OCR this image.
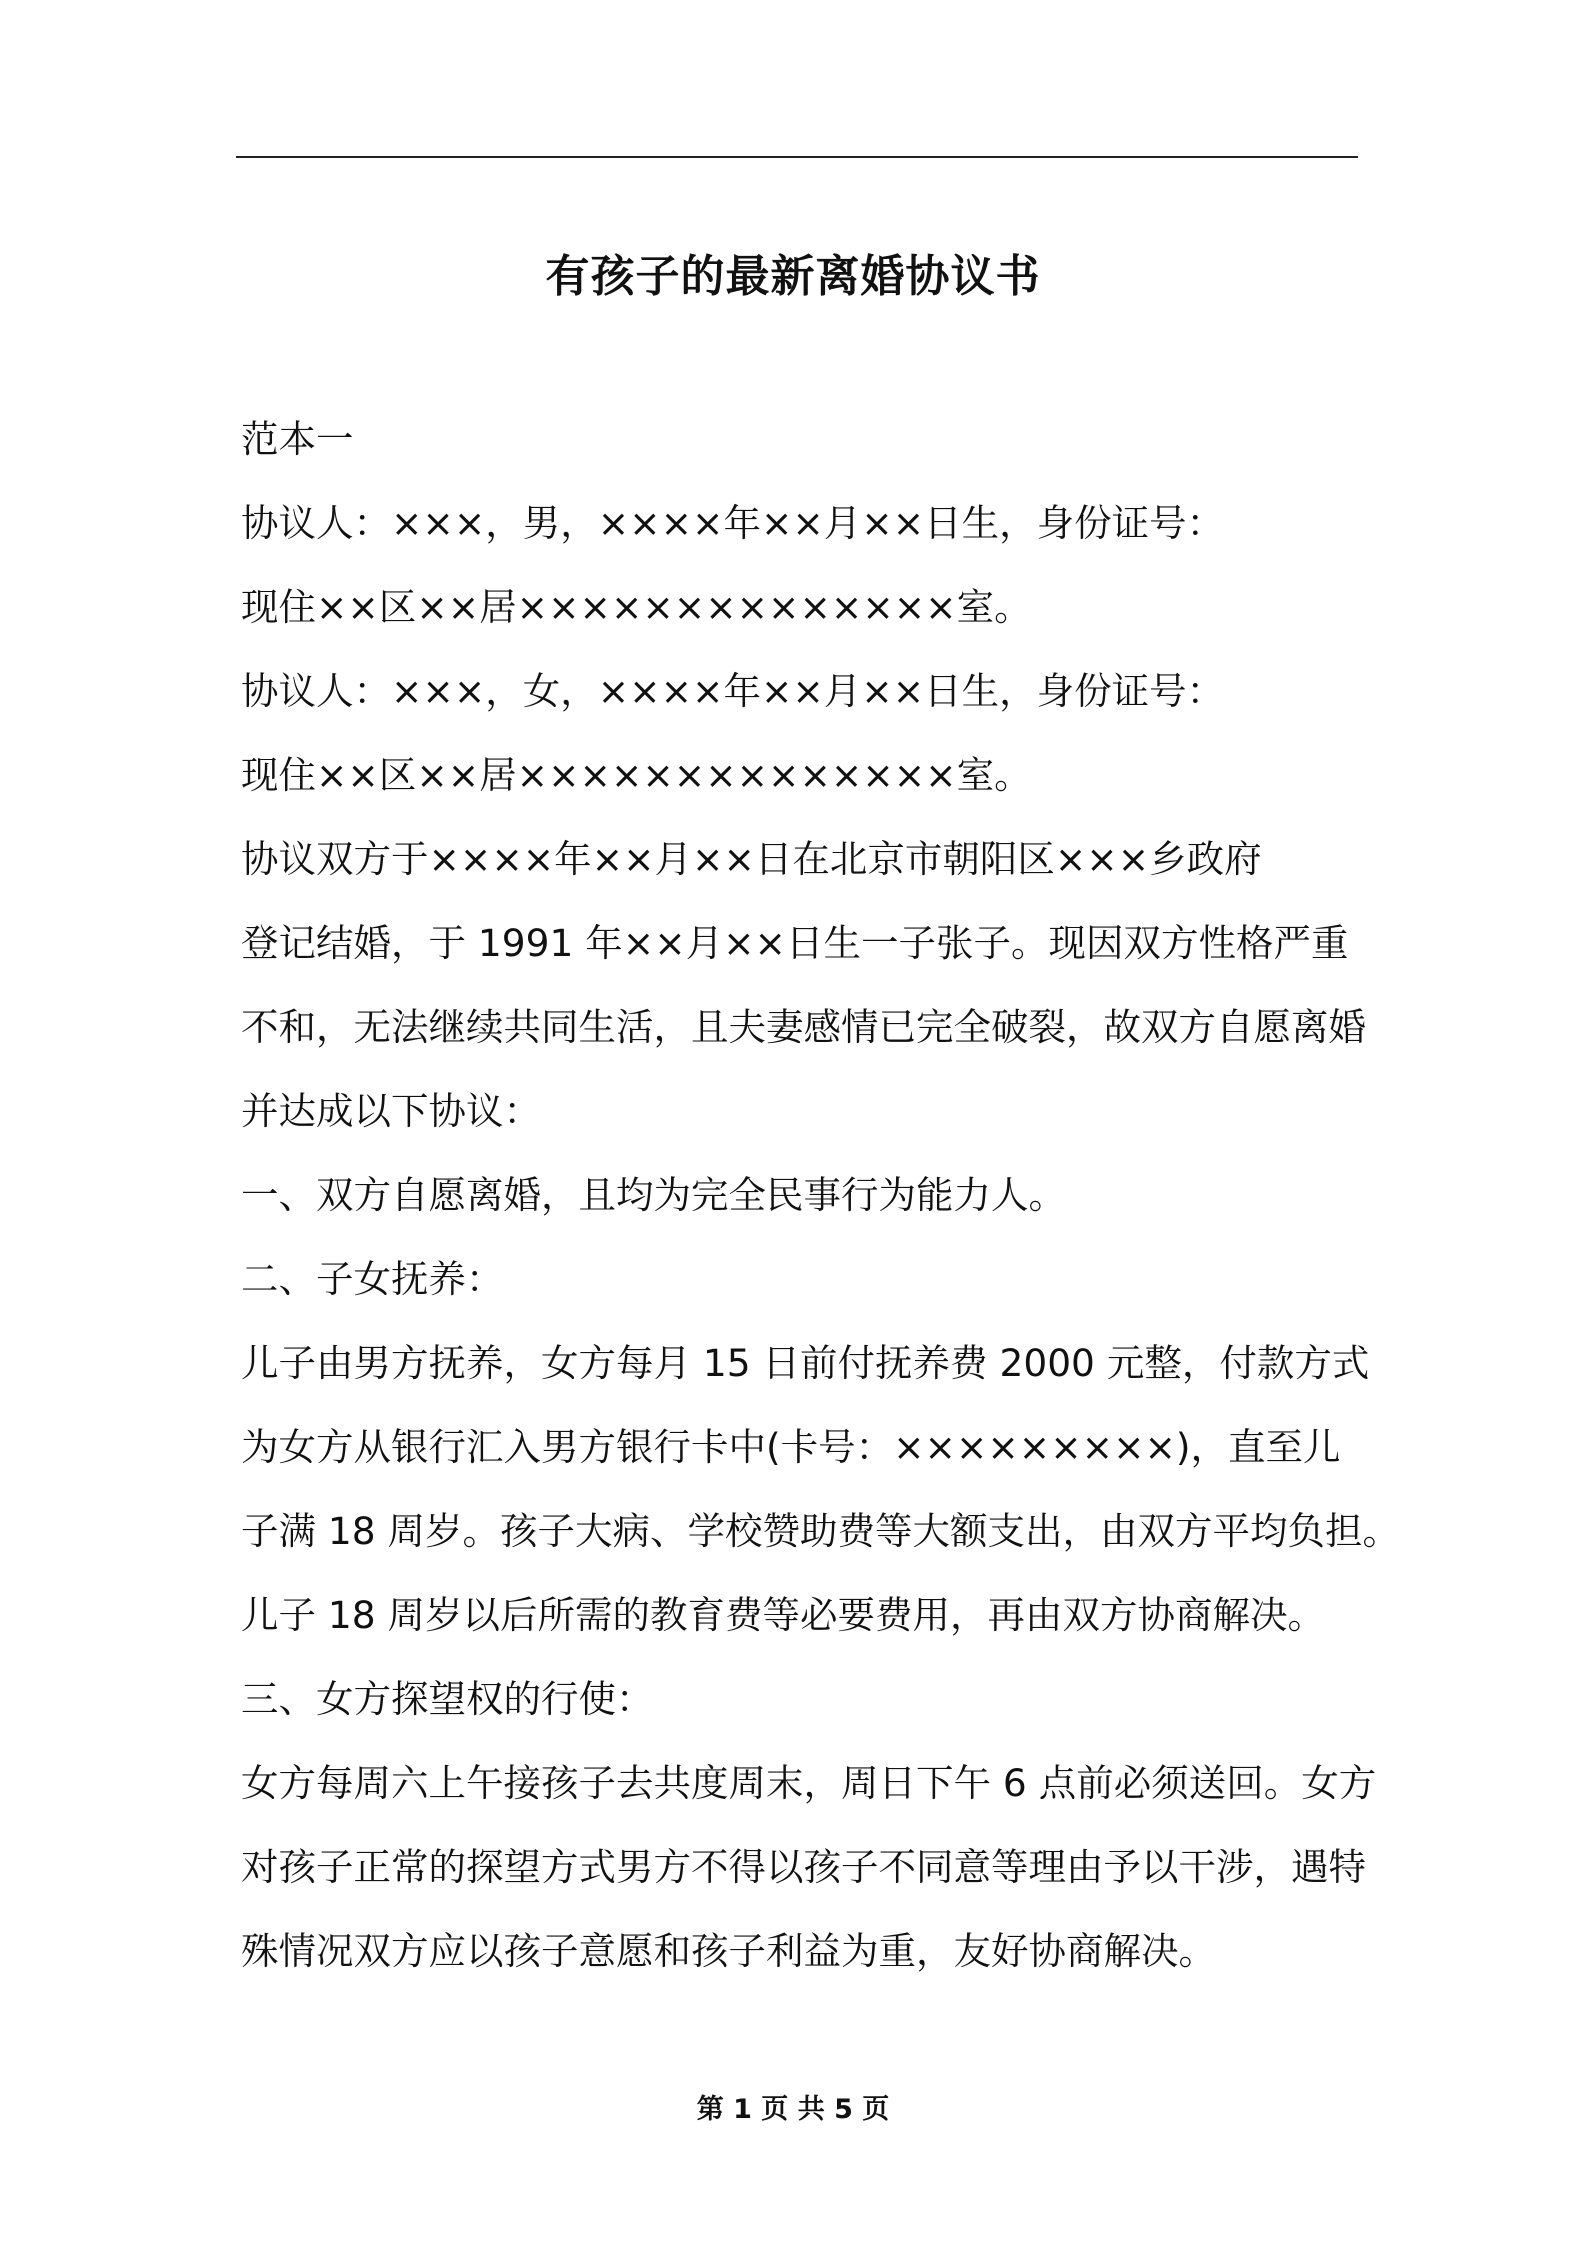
有孩子的最新离婚协议书

范本一

协议人：×××，男，××××年××月××日生，身份证号：

现住××区××居××××××××××××××室。

协议人：×××，女，××××年××月××日生，身份证号：

现住××区××居××××××××××××××室。

协议双方于××××年××月××日在北京市朝阳区×××乡政府

登记结婚，于 1991 年××月××日生一子张子。现因双方性格严重

不和，无法继续共同生活，且夫妻感情已完全破裂，故双方自愿离婚

并达成以下协议：

一、双方自愿离婚，且均为完全民事行为能力人。

二、子女抚养：

儿子由男方抚养，女方每月 15 日前付抚养费 2000 元整，付款方式

为女方从银行汇入男方银行卡中(卡号：×××××××××)，直至儿

子满 18 周岁。孩子大病、学校赞助费等大额支出，由双方平均负担。

儿子 18 周岁以后所需的教育费等必要费用，再由双方协商解决。

三、女方探望权的行使：

女方每周六上午接孩子去共度周末，周日下午 6 点前必须送回。女方

对孩子正常的探望方式男方不得以孩子不同意等理由予以干涉，遇特

殊情况双方应以孩子意愿和孩子利益为重，友好协商解决。

第 1 页 共 5 页
